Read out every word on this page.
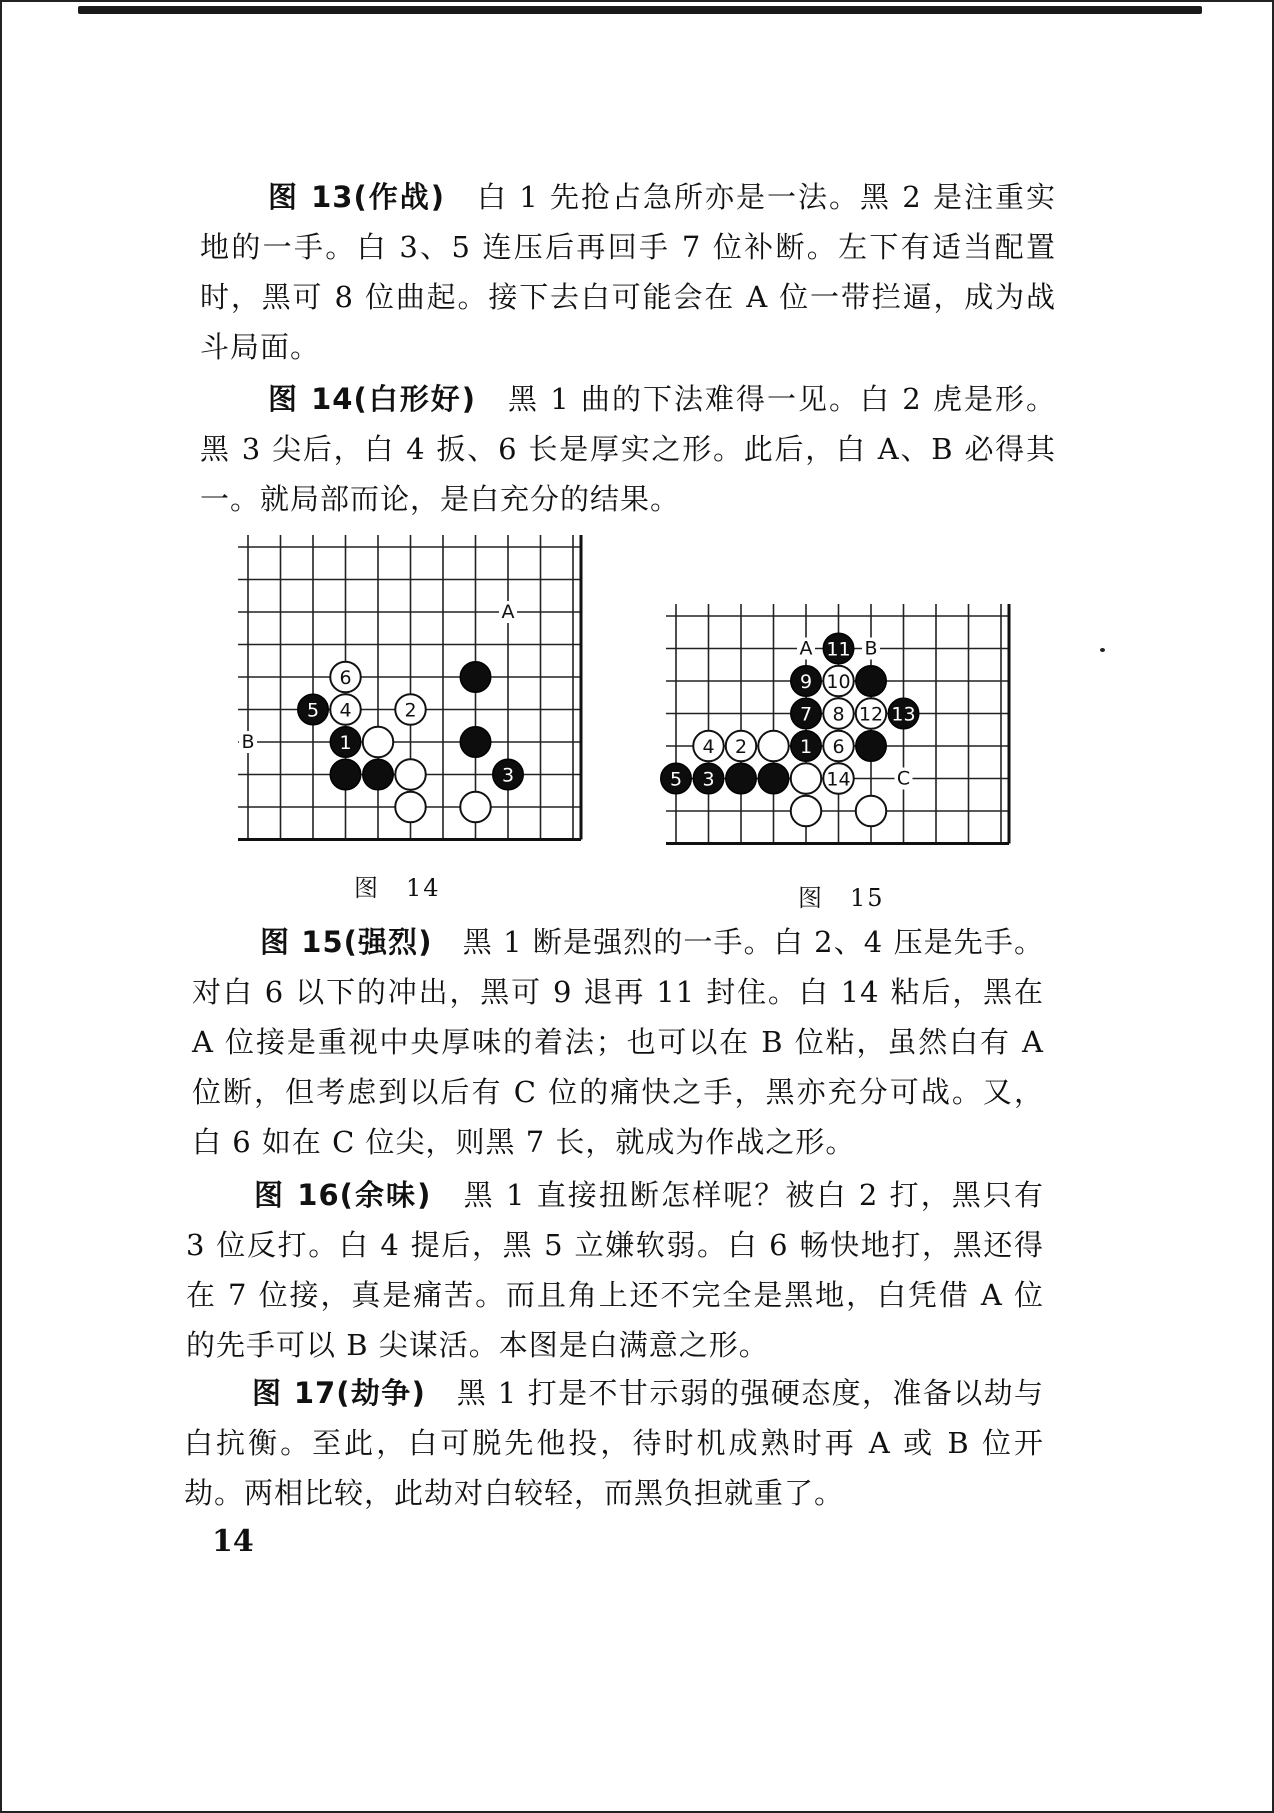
图 13(作战)　 白 1 先抢占急所亦是一法。黑 2 是注重实地的一手。白 3、5 连压后再回手 7 位补断。左下有适当配置时，黑可 8 位曲起。接下去白可能会在 A 位一带拦逼，成为战斗局面。

图 14(白形好)　 黑 1 曲的下法难得一见。白 2 虎是形。黑 3 尖后，白 4 扳、6 长是厚实之形。此后，白 A、B 必得其一。就局部而论，是白充分的结果。

A
B
6
5 4	2
1
3
A	B
C
11
9 10
7 8 12 13
4 2	1 6
5 3	14
图　14	图　15

图 15(强烈)　 黑 1 断是强烈的一手。白 2、4 压是先手。对白 6 以下的冲出，黑可 9 退再 11 封住。白 14 粘后，黑在 A 位接是重视中央厚味的着法；也可以在 B 位粘，虽然白有 A 位断，但考虑到以后有 C 位的痛快之手，黑亦充分可战。又，白 6 如在 C 位尖，则黑 7 长，就成为作战之形。

图 16(余味)　 黑 1 直接扭断怎样呢？被白 2 打，黑只有 3 位反打。白 4 提后，黑 5 立嫌软弱。白 6 畅快地打，黑还得在 7 位接，真是痛苦。而且角上还不完全是黑地，白凭借 A 位的先手可以 B 尖谋活。本图是白满意之形。

图 17(劫争)　 黑 1 打是不甘示弱的强硬态度，准备以劫与白抗衡。至此，白可脱先他投，待时机成熟时再 A 或 B 位开劫。两相比较，此劫对白较轻，而黑负担就重了。

14
